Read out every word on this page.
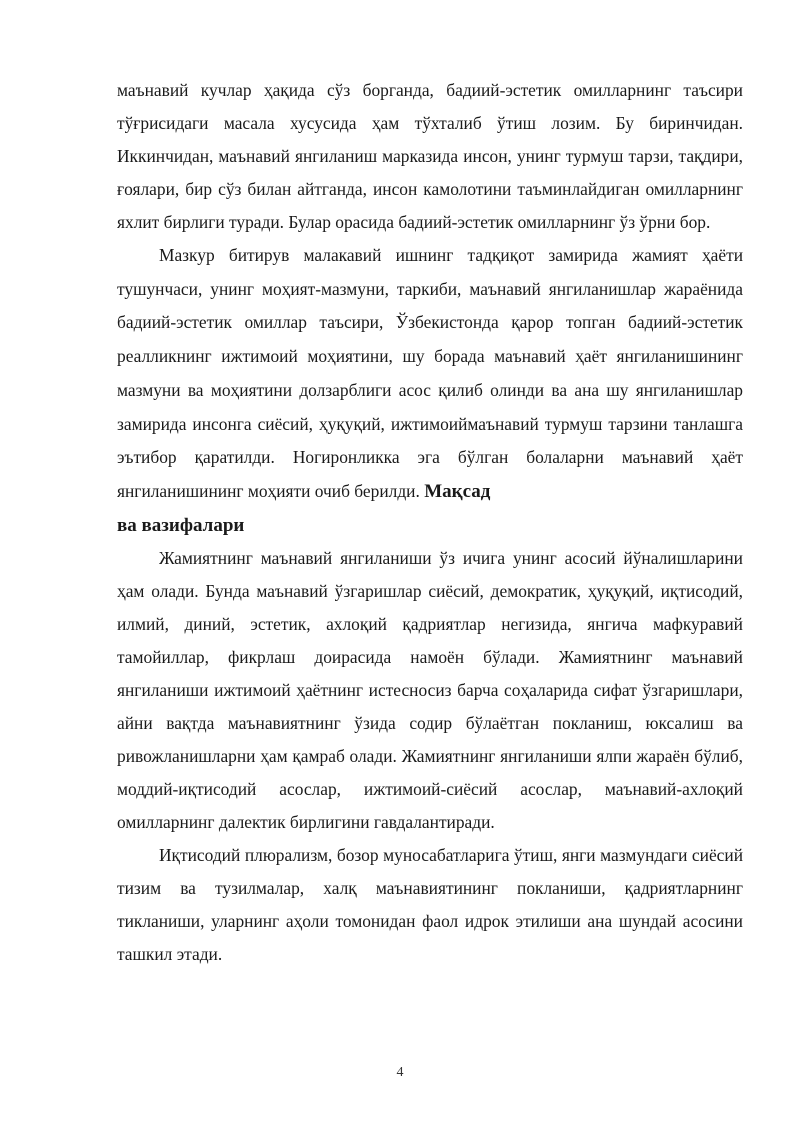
маънавий кучлар ҳақида сўз борганда, бадиий-эстетик омилларнинг таъсири тўғрисидаги масала хусусида ҳам тўхталиб ўтиш лозим. Бу биринчидан. Иккинчидан, маънавий янгиланиш марказида инсон, унинг турмуш тарзи, тақдири, ғоялари, бир сўз билан айтганда, инсон камолотини таъминлайдиган омилларнинг яхлит бирлиги туради. Булар орасида бадиий-эстетик омилларнинг ўз ўрни бор.

Мазкур битирув малакавий ишнинг тадқиқот замирида жамият ҳаёти тушунчаси, унинг моҳият-мазмуни, таркиби, маънавий янгиланишлар жараёнида бадиий-эстетик омиллар таъсири, Ўзбекистонда қарор топган бадиий-эстетик реалликнинг ижтимоий моҳиятини, шу борада маънавий ҳаёт янгиланишининг мазмуни ва моҳиятини долзарблиги асос қилиб олинди ва ана шу янгиланишлар замирида инсонга сиёсий, ҳуқуқий, ижтимоиймаънавий турмуш тарзини танлашга эътибор қаратилди. Ногиронликка эга бўлган болаларни маънавий ҳаёт янгиланишининг моҳияти очиб берилди. Мақсад

ва вазифалари

Жамиятнинг маънавий янгиланиши ўз ичига унинг асосий йўналишларини ҳам олади. Бунда маънавий ўзгаришлар сиёсий, демократик, ҳуқуқий, иқтисодий, илмий, диний, эстетик, ахлоқий қадриятлар негизида, янгича мафкуравий тамойиллар, фикрлаш доирасида намоён бўлади. Жамиятнинг маънавий янгиланиши ижтимоий ҳаётнинг истесносиз барча соҳаларида сифат ўзгаришлари, айни вақтда маънавиятнинг ўзида содир бўлаётган покланиш, юксалиш ва ривожланишларни ҳам қамраб олади. Жамиятнинг янгиланиши ялпи жараён бўлиб, моддий-иқтисодий асослар, ижтимоий-сиёсий асослар, маънавий-ахлоқий омилларнинг далектик бирлигини гавдалантиради.

Иқтисодий плюрализм, бозор муносабатларига ўтиш, янги мазмундаги сиёсий тизим ва тузилмалар, халқ маънавиятининг покланиши, қадриятларнинг тикланиши, уларнинг аҳоли томонидан фаол идрок этилиши ана шундай асосини ташкил этади.

4
